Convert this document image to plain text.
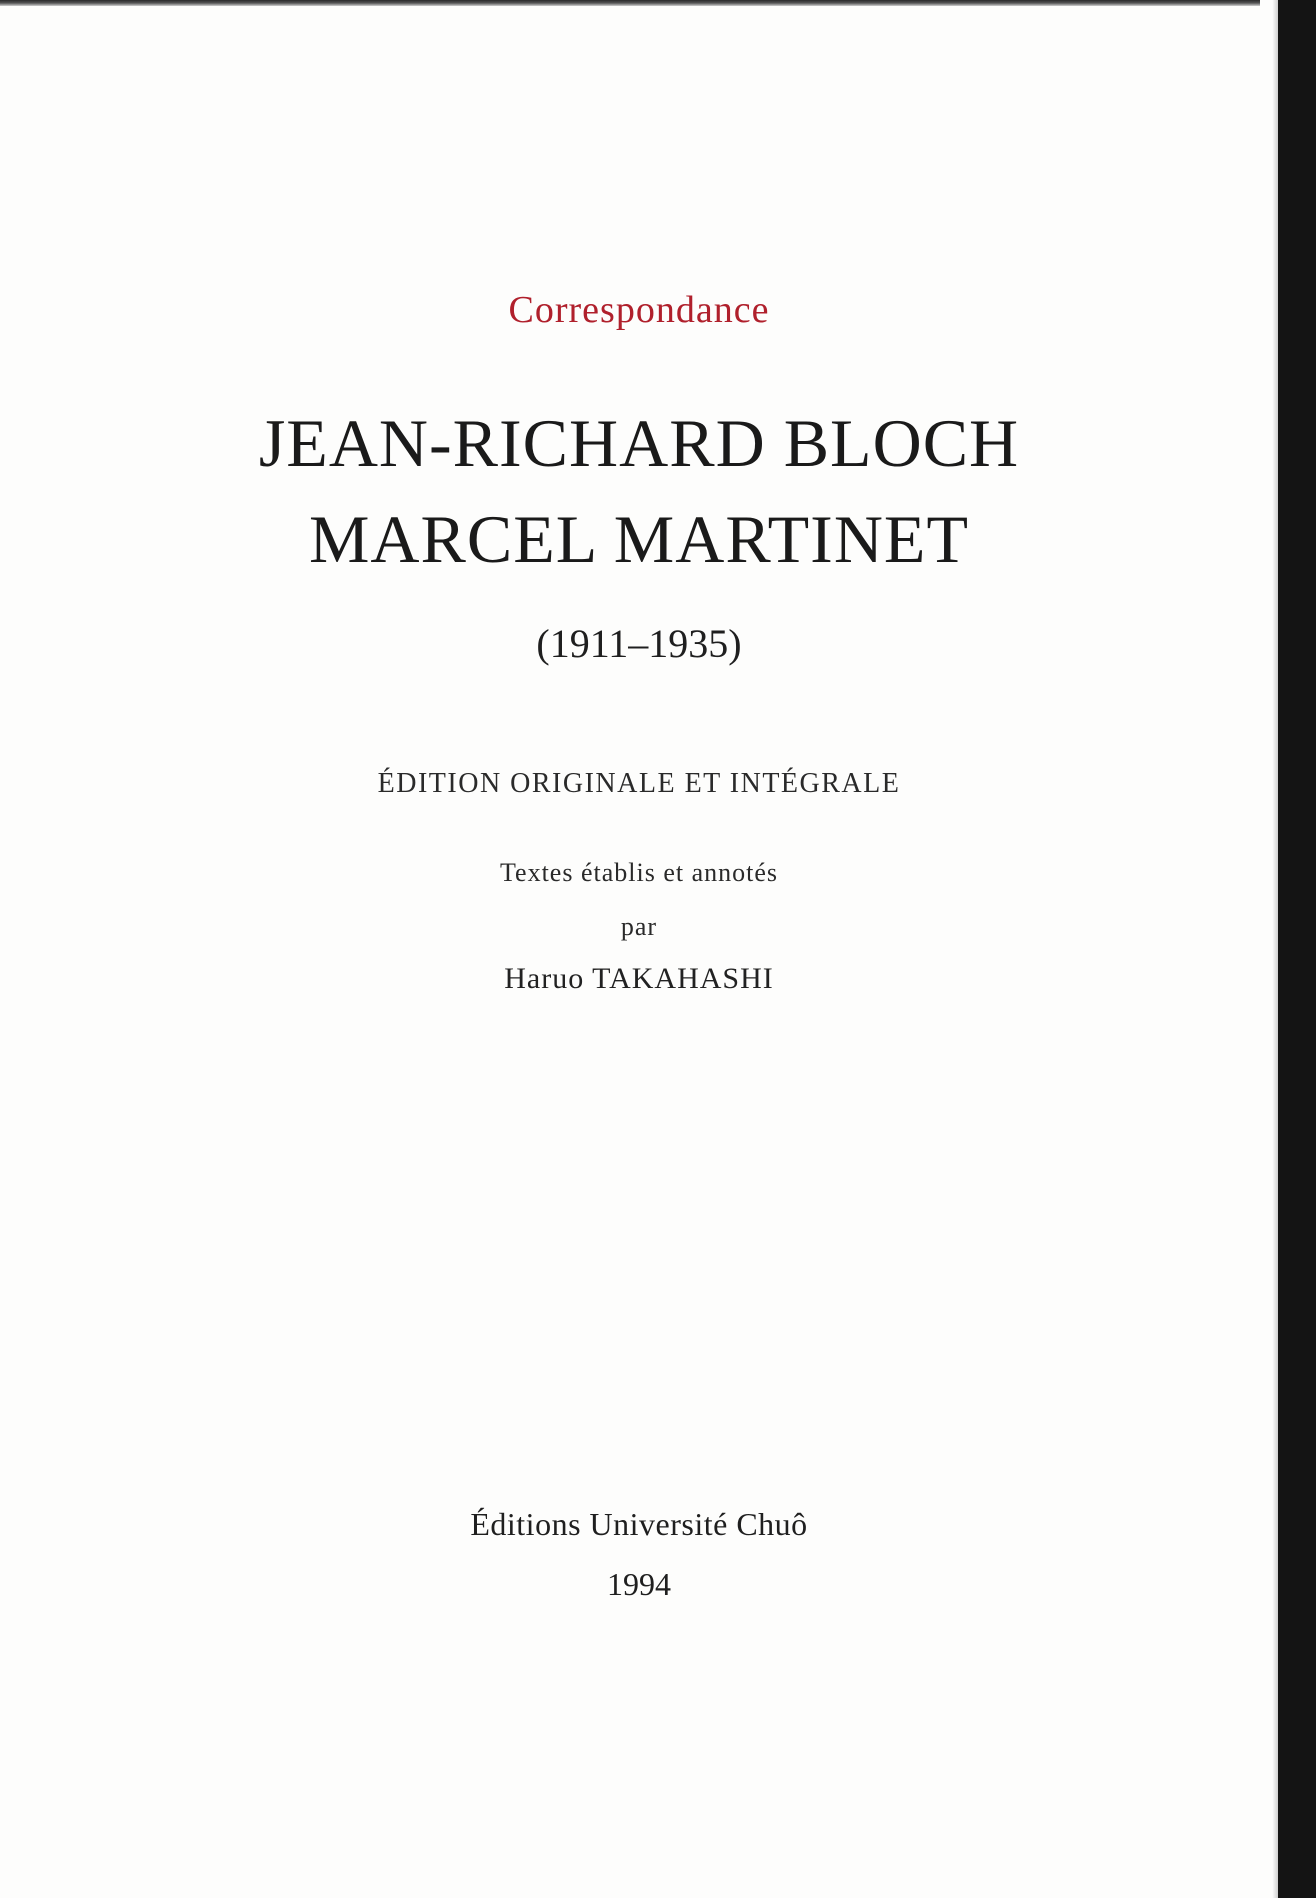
Correspondance
JEAN-RICHARD BLOCH
MARCEL MARTINET
(1911–1935)
ÉDITION ORIGINALE ET INTÉGRALE
Textes établis et annotés
par
Haruo TAKAHASHI
Éditions Université Chuô
1994
